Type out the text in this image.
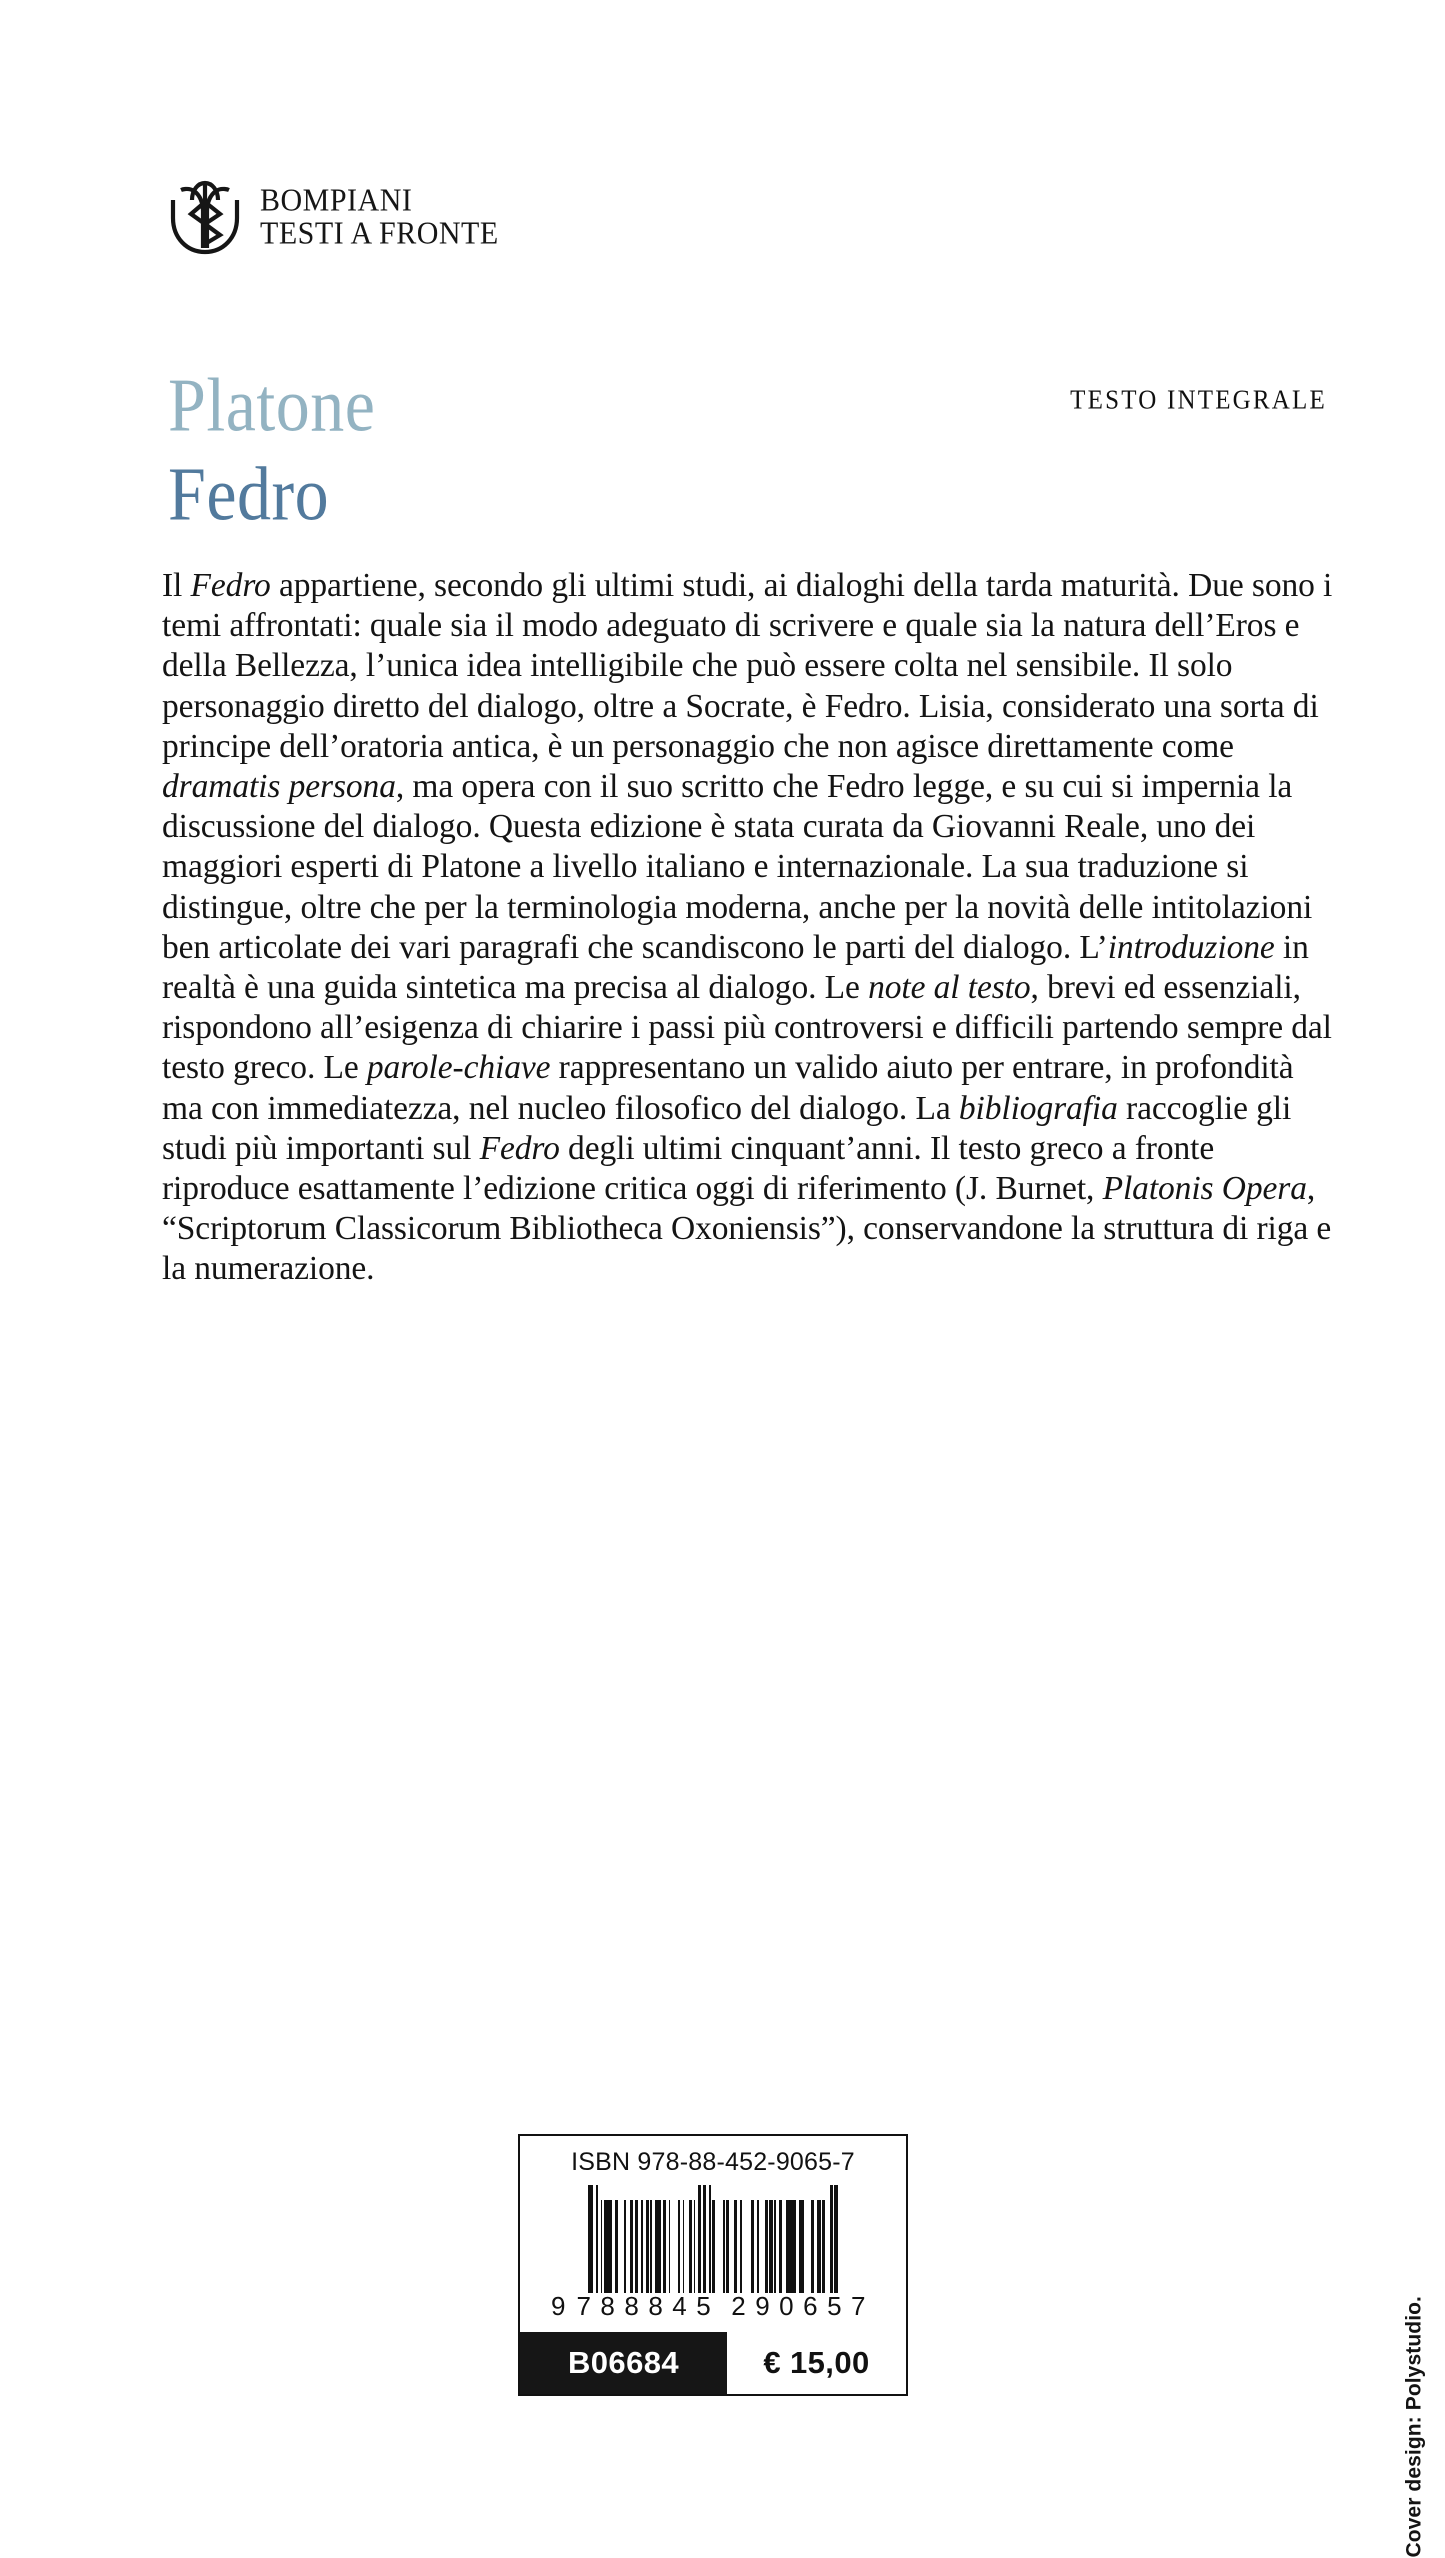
BOMPIANI
TESTI A FRONTE
Platone
Fedro
TESTO INTEGRALE

Il Fedro appartiene, secondo gli ultimi studi, ai dialoghi della tarda maturità. Due sono i temi affrontati: quale sia il modo adeguato di scrivere e quale sia la natura dell’Eros e della Bellezza, l’unica idea intelligibile che può essere colta nel sensibile. Il solo personaggio diretto del dialogo, oltre a Socrate, è Fedro. Lisia, considerato una sorta di principe dell’oratoria antica, è un personaggio che non agisce direttamente come dramatis persona, ma opera con il suo scritto che Fedro legge, e su cui si impernia la discussione del dialogo. Questa edizione è stata curata da Giovanni Reale, uno dei maggiori esperti di Platone a livello italiano e internazionale. La sua traduzione si distingue, oltre che per la terminologia moderna, anche per la novità delle intitolazioni ben articolate dei vari paragrafi che scandiscono le parti del dialogo. L’introduzione in realtà è una guida sintetica ma precisa al dialogo. Le note al testo, brevi ed essenziali, rispondono all’esigenza di chiarire i passi più controversi e difficili partendo sempre dal testo greco. Le parole-chiave rappresentano un valido aiuto per entrare, in profondità ma con immediatezza, nel nucleo filosofico del dialogo. La bibliografia raccoglie gli studi più importanti sul Fedro degli ultimi cinquant’anni. Il testo greco a fronte riproduce esattamente l’edizione critica oggi di riferimento (J. Burnet, Platonis Opera, “Scriptorum Classicorum Bibliotheca Oxoniensis”), conservandone la struttura di riga e la numerazione.

ISBN 978-88-452-9065-7
9 788845 290657
B06684	€ 15,00	Cover design: Polystudio.
